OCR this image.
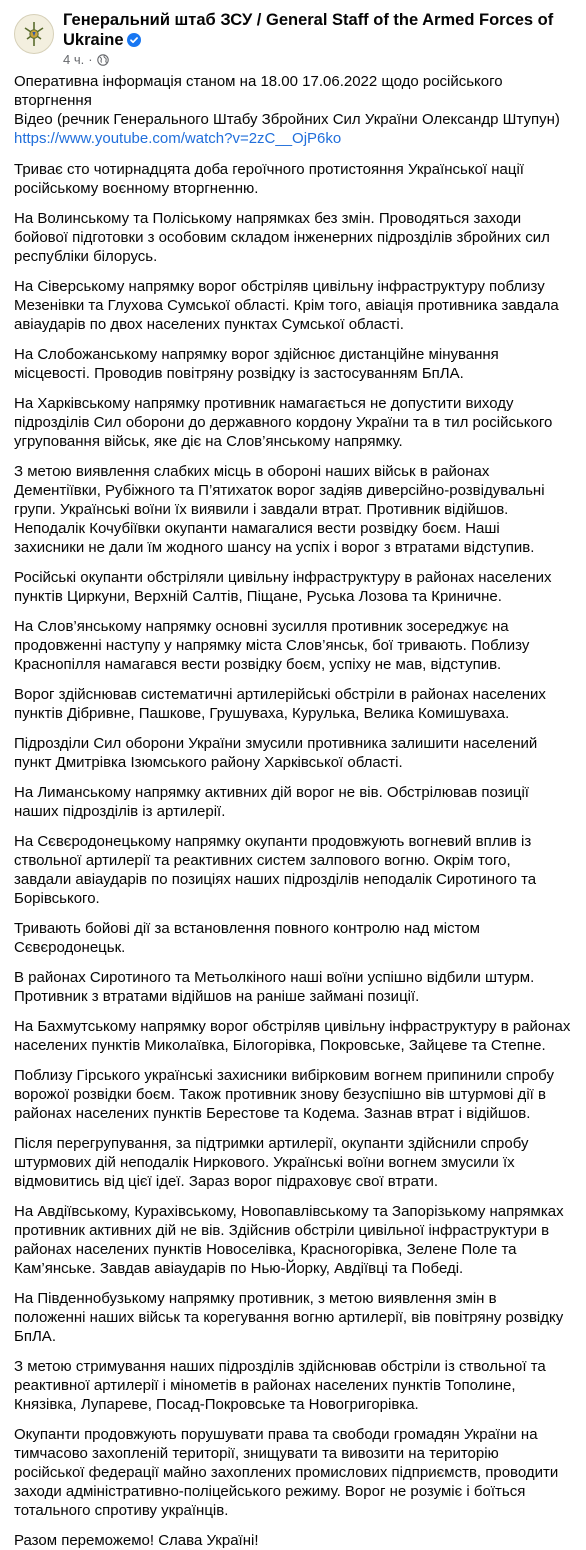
Генеральний штаб ЗСУ / General Staff of the Armed Forces of Ukraine
4 ч. ·

Оперативна інформація станом на 18.00 17.06.2022 щодо російського вторгнення
Відео (речник Генерального Штабу Збройних Сил України Олександр Штупун)
https://www.youtube.com/watch?v=2zC__OjP6ko

Триває сто чотирнадцята доба героїчного протистояння Української нації російському воєнному вторгненню.

На Волинському та Поліському напрямках без змін. Проводяться заходи бойової підготовки з особовим складом інженерних підрозділів збройних сил республіки білорусь.

На Сіверському напрямку ворог обстріляв цивільну інфраструктуру поблизу Мезенівки та Глухова Сумської області. Крім того, авіація противника завдала авіаударів по двох населених пунктах Сумської області.

На Слобожанському напрямку ворог здійснює дистанційне мінування місцевості. Проводив повітряну розвідку із застосуванням БпЛА.

На Харківському напрямку противник намагається не допустити виходу підрозділів Сил оборони до державного кордону України та в тил російського угруповання військ, яке діє на Слов’янському напрямку.

З метою виявлення слабких місць в обороні наших військ в районах Дементіївки, Рубіжного та П’ятихаток ворог задіяв диверсійно-розвідувальні групи. Українські воїни їх виявили і завдали втрат. Противник відійшов. Неподалік Кочубіївки окупанти намагалися вести розвідку боєм. Наші захисники не дали їм жодного шансу на успіх і ворог з втратами відступив.

Російські окупанти обстріляли цивільну інфраструктуру в районах населених пунктів Циркуни, Верхній Салтів, Піщане, Руська Лозова та Криничне.

На Слов’янському напрямку основні зусилля противник зосереджує на продовженні наступу у напрямку міста Слов’янськ, бої тривають. Поблизу Краснопілля намагався вести розвідку боєм, успіху не мав, відступив.

Ворог здійснював систематичні артилерійські обстріли в районах населених пунктів Дібривне, Пашкове, Грушуваха, Курулька, Велика Комишуваха.

Підрозділи Сил оборони України змусили противника залишити населений пункт Дмитрівка Ізюмського району Харківської області.

На Лиманському напрямку активних дій ворог не вів. Обстрілював позиції наших підрозділів із артилерії.

На Сєвєродонецькому напрямку окупанти продовжують вогневий вплив із ствольної артилерії та реактивних систем залпового вогню. Окрім того, завдали авіаударів по позиціях наших підрозділів неподалік Сиротиного та Борівського.

Тривають бойові дії за встановлення повного контролю над містом Сєвєродонецьк.

В районах Сиротиного та Метьолкіного наші воїни успішно відбили штурм. Противник з втратами відійшов на раніше займані позиції.

На Бахмутському напрямку ворог обстріляв цивільну інфраструктуру в районах населених пунктів Миколаївка, Білогорівка, Покровське, Зайцеве та Степне.

Поблизу Гірського українські захисники вибірковим вогнем припинили спробу ворожої розвідки боєм. Також противник знову безуспішно вів штурмові дії в районах населених пунктів Берестове та Кодема. Зазнав втрат і відійшов.

Після перегрупування, за підтримки артилерії, окупанти здійснили спробу штурмових дій неподалік Ниркового. Українські воїни вогнем змусили їх відмовитись від цієї ідеї. Зараз ворог підраховує свої втрати.

На Авдіївському, Курахівському, Новопавлівському та Запорізькому напрямках противник активних дій не вів. Здійснив обстріли цивільної інфраструктури в районах населених пунктів Новоселівка, Красногорівка, Зелене Поле та Кам’янське. Завдав авіаударів по Нью-Йорку, Авдіївці та Победі.

На Південнобузькому напрямку противник, з метою виявлення змін в положенні наших військ та корегування вогню артилерії, вів повітряну розвідку БпЛА.

З метою стримування наших підрозділів здійснював обстріли із ствольної та реактивної артилерії і мінометів в районах населених пунктів Тополине, Князівка, Лупареве, Посад-Покровське та Новогригорівка.

Окупанти продовжують порушувати права та свободи громадян України на тимчасово захопленій території, знищувати та вивозити на територію російської федерації майно захоплених промислових підприємств, проводити заходи адміністративно-поліцейського режиму. Ворог не розуміє і боїться тотального спротиву українців.

Разом переможемо! Слава Україні!
